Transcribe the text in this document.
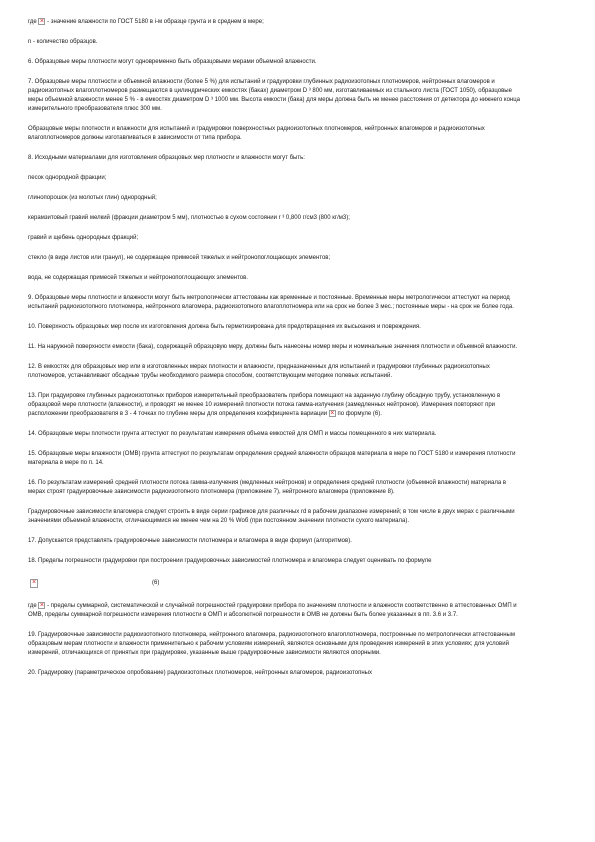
где × - значение влажности по ГОСТ 5180 в i-м образце грунта и в среднем в мере;

n - количество образцов.

6. Образцовые меры плотности могут одновременно быть образцовыми мерами объемной влажности.

7. Образцовые меры плотности и объемной влажности (более 5 %) для испытаний и градуировки глубинных радиоизотопных плотномеров, нейтронных влагомеров и радиоизотопных влагоплотномеров размещаются в цилиндрических емкостях (баках) диаметром D ³ 800 мм, изготавливаемых из стального листа (ГОСТ 1050), образцовые меры объемной влажности менее 5 % - в емкостях диаметром D ³ 1000 мм. Высота емкости (бака) для меры должна быть не менее расстояния от детектора до нижнего конца измерительного преобразователя плюс 300 мм.

Образцовые меры плотности и влажности для испытаний и градуировки поверхностных радиоизотопных плотномеров, нейтронных влагомеров и радиоизотопных влагоплотномеров должны изготавливаться в зависимости от типа прибора.

8. Исходными материалами для изготовления образцовых мер плотности и влажности могут быть:

песок однородной фракции;

глинопорошок (из молотых глин) однородный;

керамзитовый гравий мелкий (фракции диаметром 5 мм), плотностью в сухом состоянии r ³ 0,800 г/см3 (800 кг/м3);

гравий и щебень однородных фракций;

стекло (в виде листов или гранул), не содержащее примесей тяжелых и нейтронопоглощающих элементов;

вода, не содержащая примесей тяжелых и нейтронопоглощающих элементов.

9. Образцовые меры плотности и влажности могут быть метрологически аттестованы как временные и постоянные. Временные меры метрологически аттестуют на период испытаний радиоизотопного плотномера, нейтронного влагомера, радиоизотопного влагоплотномера или на срок не более 3 мес.; постоянные меры - на срок не более года.

10. Поверхность образцовых мер после их изготовления должна быть герметизирована для предотвращения их высыхания и повреждения.

11. На наружной поверхности емкости (бака), содержащей образцовую меру, должны быть нанесены номер меры и номинальные значения плотности и объемной влажности.

12. В емкостях для образцовых мер или в изготовленных мерах плотности и влажности, предназначенных для испытаний и градуировки глубинных радиоизотопных плотномеров, устанавливают обсадные трубы необходимого размера способом, соответствующим методике полевых испытаний.

13. При градуировке глубинных радиоизотопных приборов измерительный преобразователь прибора помещают на заданную глубину обсадную трубу, установленную в образцовой мере плотности (влажности), и проводят не менее 10 измерений плотности потока гамма-излучения (замедленных нейтронов). Измерения повторяют при расположении преобразователя в 3 - 4 точках по глубине меры для определения коэффициента вариации × по формуле (6).

14. Образцовые меры плотности грунта аттестуют по результатам измерения объема емкостей для ОМП и массы помещенного в них материала.

15. Образцовые меры влажности (ОМВ) грунта аттестуют по результатам определения средней влажности образцов материала в мере по ГОСТ 5180 и измерения плотности материала в мере по п. 14.

16. По результатам измерений средней плотности потока гамма-излучения (медленных нейтронов) и определения средней плотности (объемной влажности) материала в мерах строят градуировочные зависимости радиоизотопного плотномера (приложение 7), нейтронного влагомера (приложение 8).

Градуировочные зависимости влагомера следует строить в виде серии графиков для различных rd в рабочем диапазоне измерений; в том числе в двух мерах с различными значениями объемной влажности, отличающимися не менее чем на 20 % Wоб (при постоянном значении плотности сухого материала).

17. Допускается представлять градуировочные зависимости плотномера и влагомера в виде формул (алгоритмов).

18. Пределы погрешности градуировки при построении градуировочных зависимостей плотномера и влагомера следует оценивать по формуле

×
(6)

где × - пределы суммарной, систематической и случайной погрешностей градуировки прибора по значениям плотности и влажности соответственно в аттестованных ОМП и ОМВ, пределы суммарной погрешности измерения плотности в ОМП и абсолютной погрешности в ОМВ не должны быть более указанных в пп. 3.6 и 3.7.

19. Градуировочные зависимости радиоизотопного плотномера, нейтронного влагомера, радиоизотопного влагоплотномера, построенные по метрологически аттестованным образцовым мерам плотности и влажности применительно к рабочим условиям измерений, являются основными для проведения измерений в этих условиях; для условий измерений, отличающихся от принятых при градуировке, указанные выше градуировочные зависимости являются опорными.

20. Градуировку (параметрическое опробование) радиоизотопных плотномеров, нейтронных влагомеров, радиоизотопных
